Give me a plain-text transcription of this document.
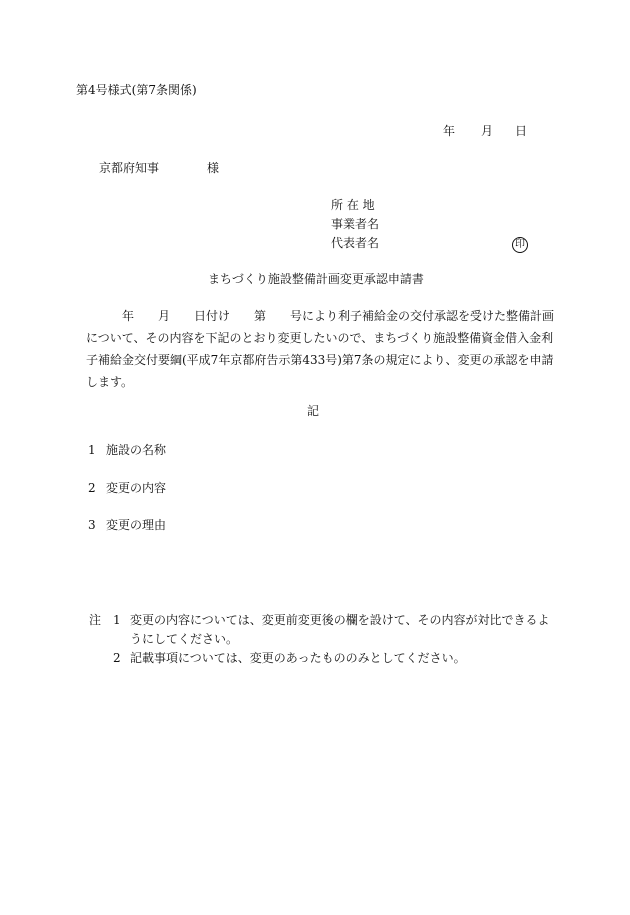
第4号様式(第7条関係)
年 月 日
京都府知事	様
所 在 地
事業者名
代表者名	印
まちづくり施設整備計画変更承認申請書
　　　年　　月　　日付け　　第　　号により利子補給金の交付承認を受けた整備計画
について、その内容を下記のとおり変更したいので、まちづくり施設整備資金借入金利
子補給金交付要綱(平成7年京都府告示第433号)第7条の規定により、変更の承認を申請
します。
記
1 施設の名称
2 変更の内容
3 変更の理由
注 1 変更の内容については、変更前変更後の欄を設けて、その内容が対比できるよ
うにしてください。
2 記載事項については、変更のあったもののみとしてください。
